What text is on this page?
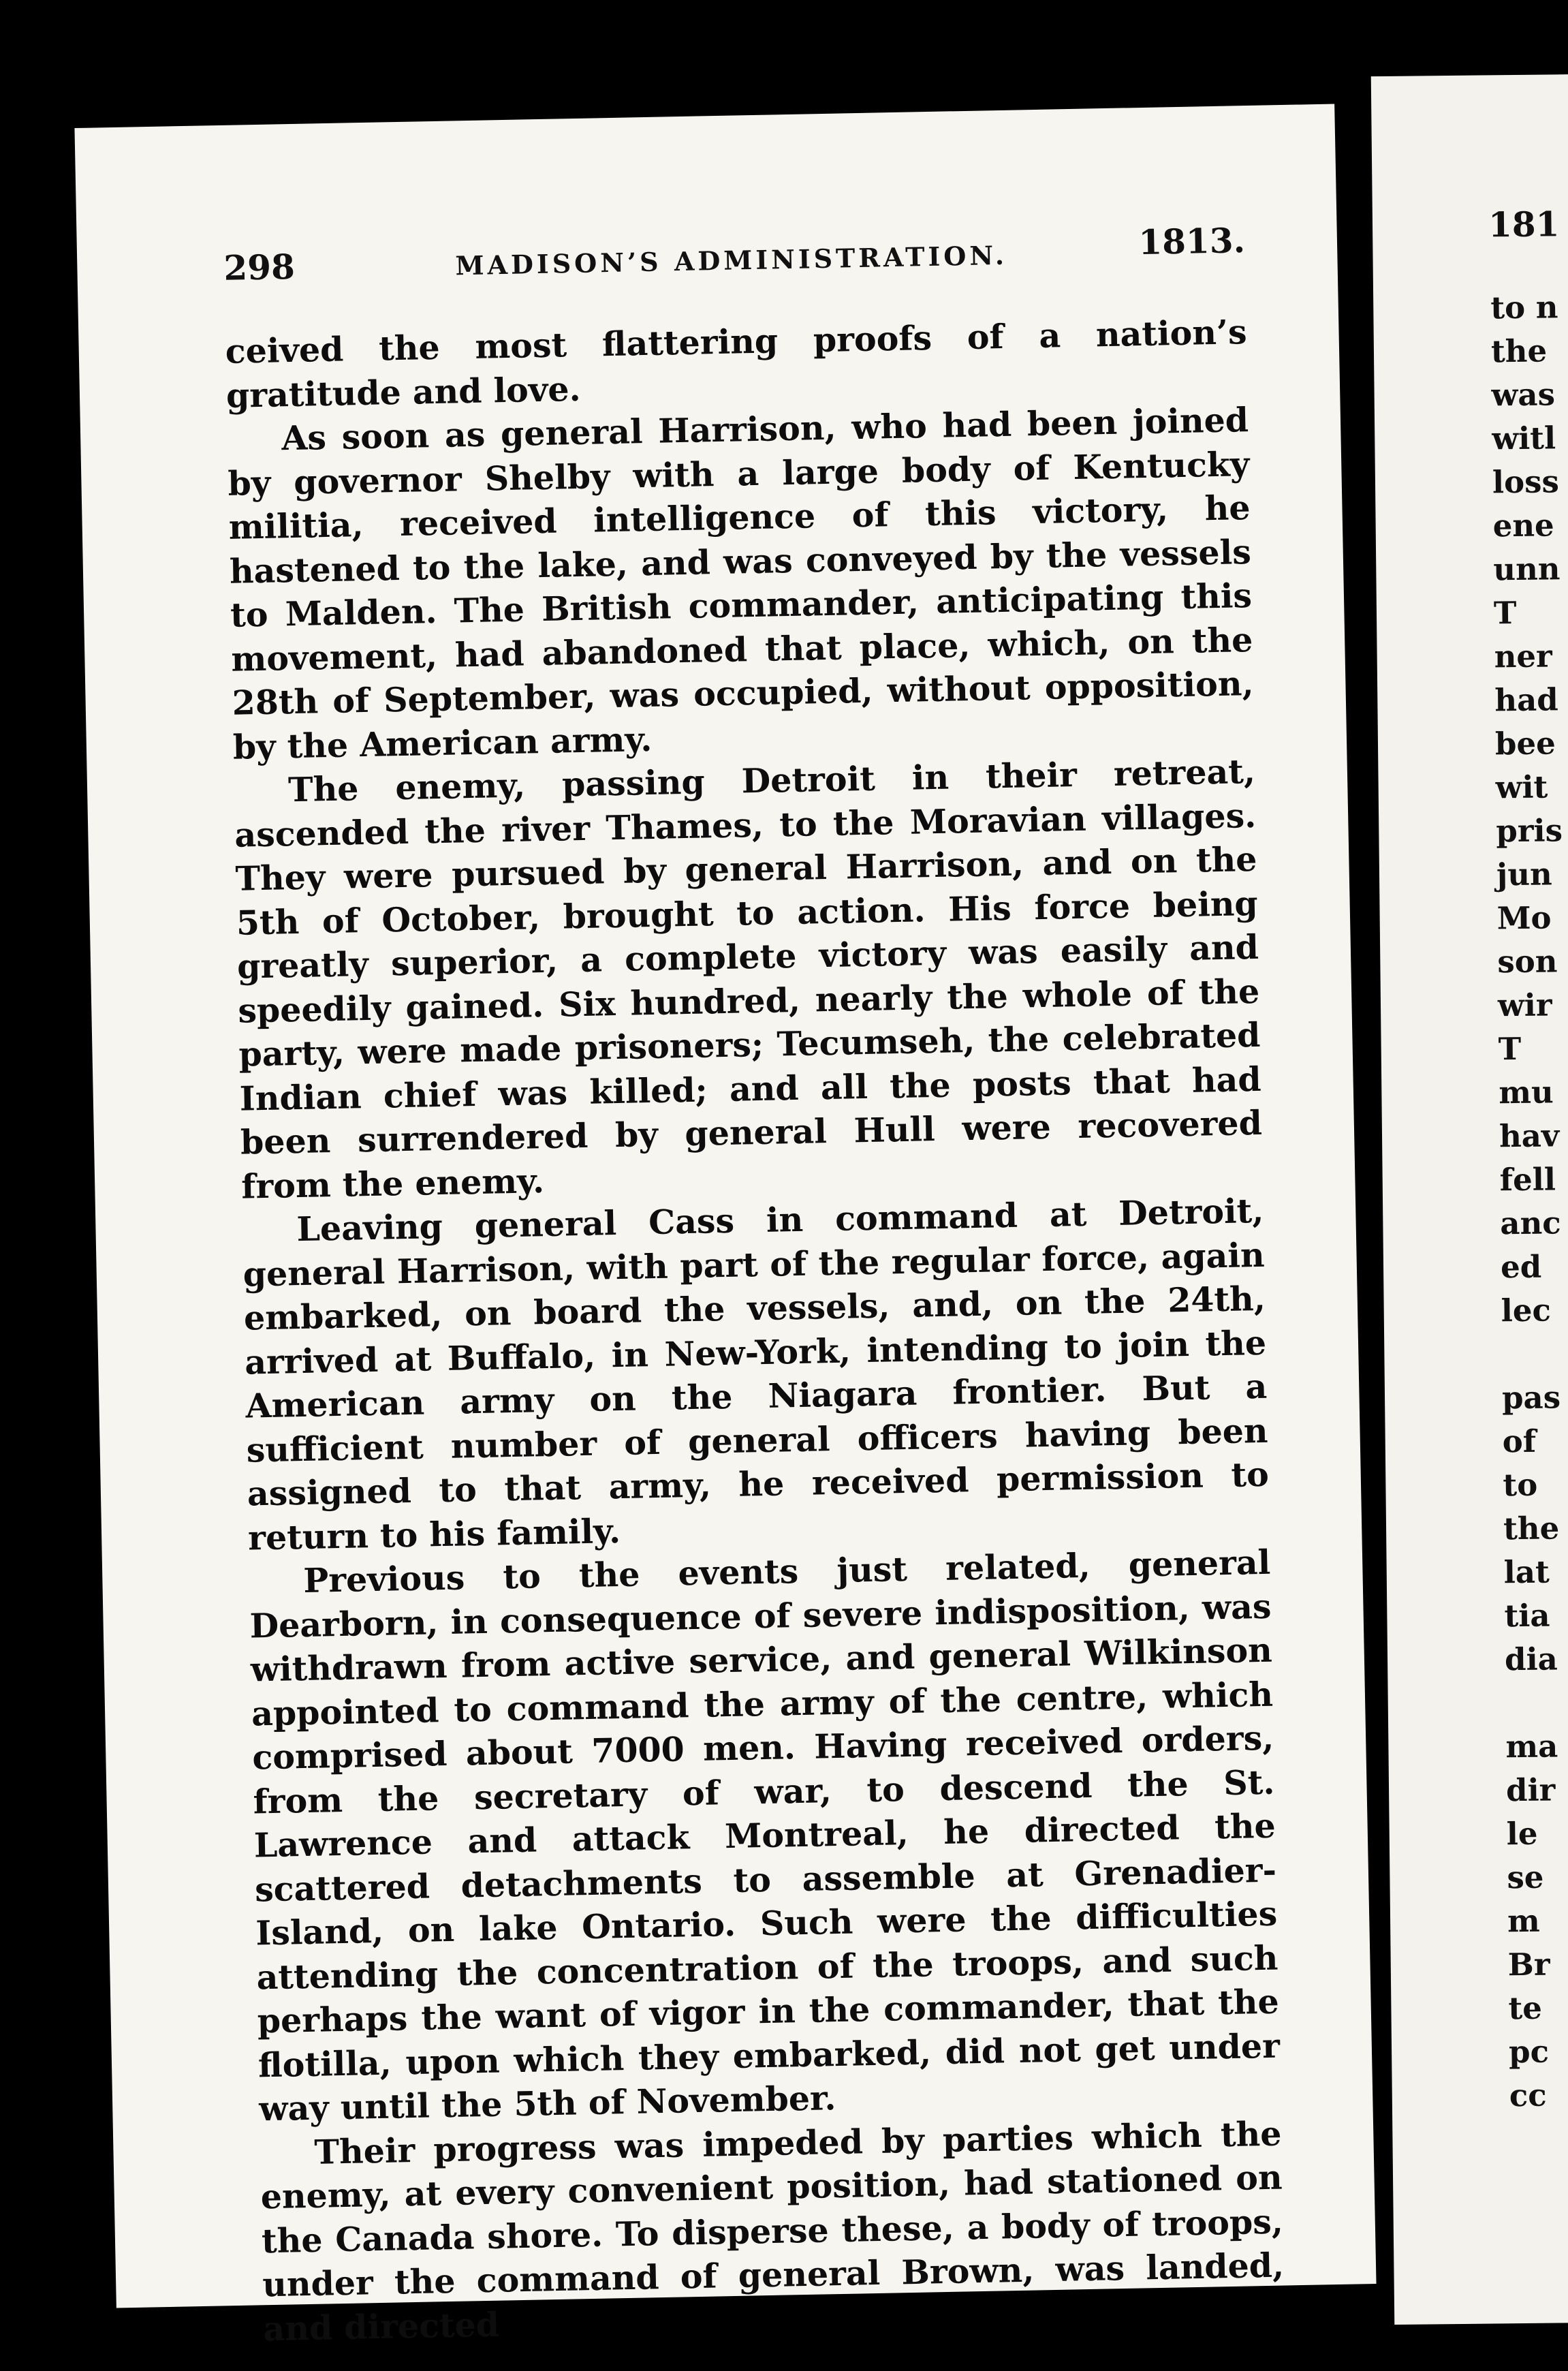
298	MADISON’S ADMINISTRATION.	1813.

ceived the most flattering proofs of a nation’s gratitude and love.

As soon as general Harrison, who had been joined by governor Shelby with a large body of Kentucky militia, received intelligence of this victory, he hastened to the lake, and was conveyed by the vessels to Malden. The British commander, anticipating this movement, had abandoned that place, which, on the 28th of September, was occupied, without opposition, by the American army.

The enemy, passing Detroit in their retreat, ascended the river Thames, to the Moravian villages. They were pursued by general Harrison, and on the 5th of October, brought to action. His force being greatly superior, a complete victory was easily and speedily gained. Six hundred, nearly the whole of the party, were made prisoners; Tecumseh, the celebrated Indian chief was killed; and all the posts that had been surrendered by general Hull were recovered from the enemy.

Leaving general Cass in command at Detroit, general Harrison, with part of the regular force, again embarked, on board the vessels, and, on the 24th, arrived at Buffalo, in New-York, intending to join the American army on the Niagara frontier. But a sufficient number of general officers having been assigned to that army, he received permission to return to his family.

Previous to the events just related, general Dearborn, in consequence of severe indisposition, was withdrawn from active service, and general Wilkinson appointed to command the army of the centre, which comprised about 7000 men. Having received orders, from the secretary of war, to descend the St. Lawrence and attack Montreal, he directed the scattered detachments to assemble at Grenadier-Island, on lake Ontario. Such were the difficulties attending the concentration of the troops, and such perhaps the want of vigor in the commander, that the flotilla, upon which they embarked, did not get under way until the 5th of November.

Their progress was impeded by parties which the enemy, at every convenient position, had stationed on the Canada shore. To disperse these, a body of troops, under the command of general Brown, was landed, and directed

181
to n
the
was
witl
loss
ene
unn
T
ner
had
bee
wit
pris
jun
Mo
son
wir
T
mu
hav
fell
anc
ed
lec
pas
of
to
the
lat
tia
dia
ma
dir
le
se
m
Br
te
pc
cc
